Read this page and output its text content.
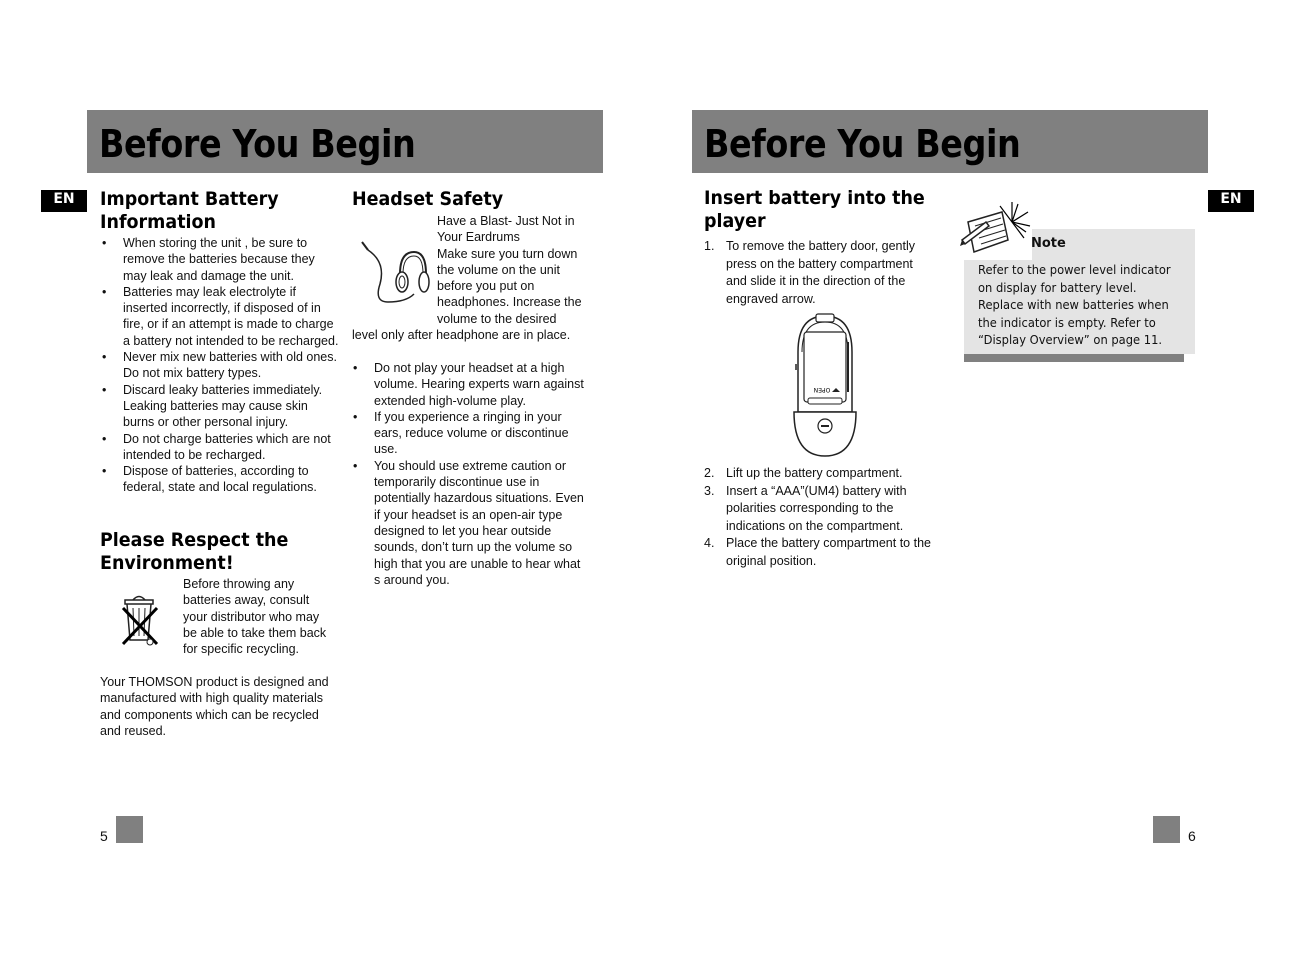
Before You Begin
EN	Important Battery
Information
• When storing the unit , be sure to remove the batteries because they may leak and damage the unit.
• Batteries may leak electrolyte if inserted incorrectly, if disposed of in fire, or if an attempt is made to charge a battery not intended to be recharged.
• Never mix new batteries with old ones. Do not mix battery types.
• Discard leaky batteries immediately. Leaking batteries may cause skin burns or other personal injury.
• Do not charge batteries which are not intended to be recharged.
• Dispose of batteries, according to federal, state and local regulations.
Please Respect the
Environment!
Before throwing any
batteries away, consult
your distributor who may
be able to take them back
for specific recycling.
Your THOMSON product is designed and manufactured with high quality materials and components which can be recycled and reused.
Headset Safety
Have a Blast- Just Not in
Your Eardrums
Make sure you turn down
the volume on the unit
before you put on
headphones. Increase the
volume to the desired
level only after headphone are in place.
• Do not play your headset at a high volume. Hearing experts warn against extended high-volume play.
• If you experience a ringing in your ears, reduce volume or discontinue use.
• You should use extreme caution or temporarily discontinue use in potentially hazardous situations. Even if your headset is an open-air type designed to let you hear outside sounds, don’t turn up the volume so high that you are unable to hear what s around you.
5
Before You Begin
EN
Insert battery into the
player
1. To remove the battery door, gently press on the battery compartment and slide it in the direction of the engraved arrow.
OPEN
2. Lift up the battery compartment.
3. Insert a “AAA”(UM4) battery with polarities corresponding to the indications on the compartment.
4. Place the battery compartment to the original position.
Note
Refer to the power level indicator on display for battery level.
Replace with new batteries when the indicator is empty. Refer to “Display Overview” on page 11.
6
